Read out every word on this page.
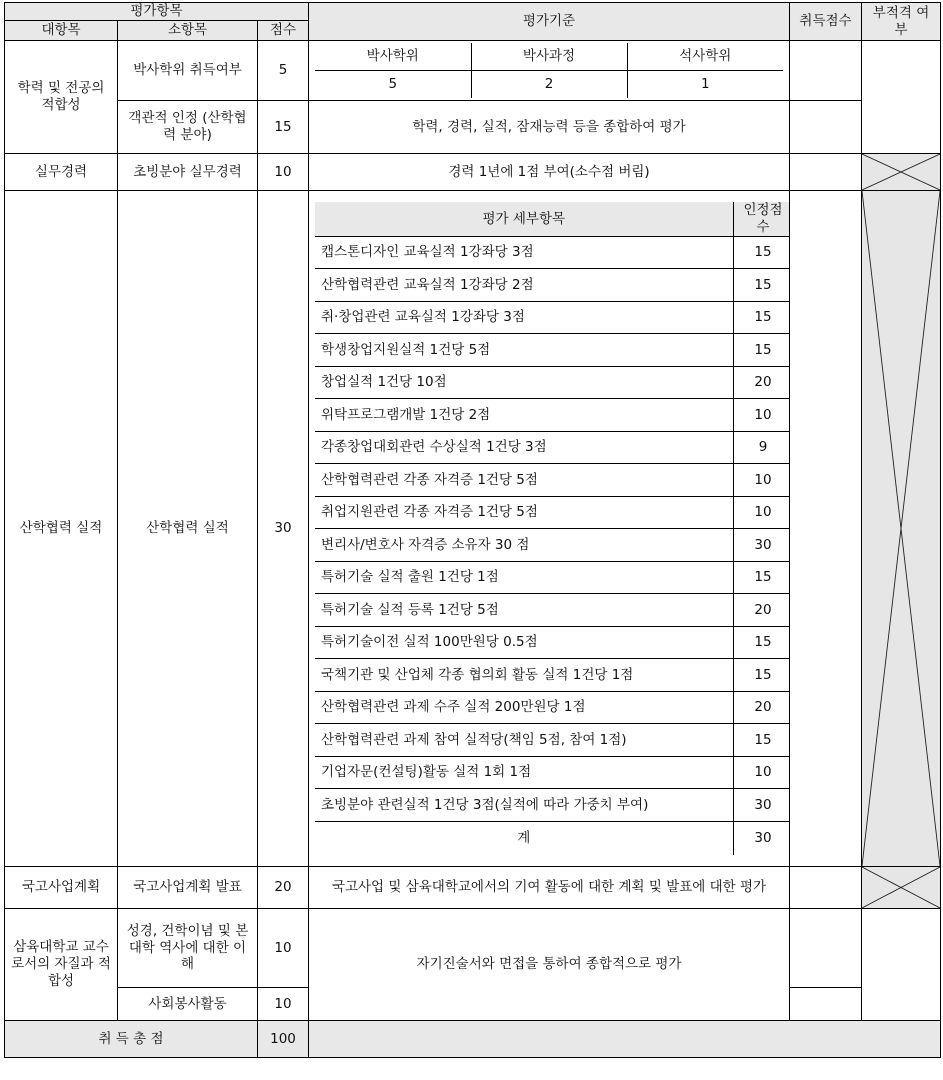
평가항목	평가기준	취득점수	부적격 여부
대항목	소항목	점수
학력 및 전공의 적합성	박사학위 취득여부	5	
박사학위	박사과정	석사학위
5	2	1

객관적 인정 (산학협력 분야)	15	학력, 경력, 실적, 잠재능력 등을 종합하여 평가	
실무경력	초빙분야 실무경력	10	경력 1년에 1점 부여(소수점 버림)		

산학협력 실적	산학협력 실적	30	
평가 세부항목	인정점수	
캡스톤디자인 교육실적 1강좌당 3점	15	
산학협력관련 교육실적 1강좌당 2점	15	
취·창업관련 교육실적 1강좌당 3점	15	
학생창업지원실적 1건당 5점	15	
창업실적 1건당 10점	20	
위탁프로그램개발 1건당 2점	10	
각종창업대회관련 수상실적 1건당 3점	9	
산학협력관련 각종 자격증 1건당 5점	10	
취업지원관련 각종 자격증 1건당 5점	10	
변리사/변호사 자격증 소유자 30 점	30	
특허기술 실적 출원 1건당 1점	15	
특허기술 실적 등록 1건당 5점	20	
특허기술이전 실적 100만원당 0.5점	15	
국책기관 및 산업체 각종 협의회 활동 실적 1건당 1점	15	
산학협력관련 과제 수주 실적 200만원당 1점	20	
산학협력관련 과제 참여 실적당(책임 5점, 참여 1점)	15	
기업자문(컨설팅)활동 실적 1회 1점	10	
초빙분야 관련실적 1건당 3점(실적에 따라 가중치 부여)	30	
계	30	

국고사업계획	국고사업계획 발표	20	국고사업 및 삼육대학교에서의 기여 활동에 대한 계획 및 발표에 대한 평가		

삼육대학교 교수로서의 자질과 적합성	성경, 건학이념 및 본 대학 역사에 대한 이해	10	자기진술서와 면접을 통하여 종합적으로 평가		
사회봉사활동	10	
취 득 총 점	100	
